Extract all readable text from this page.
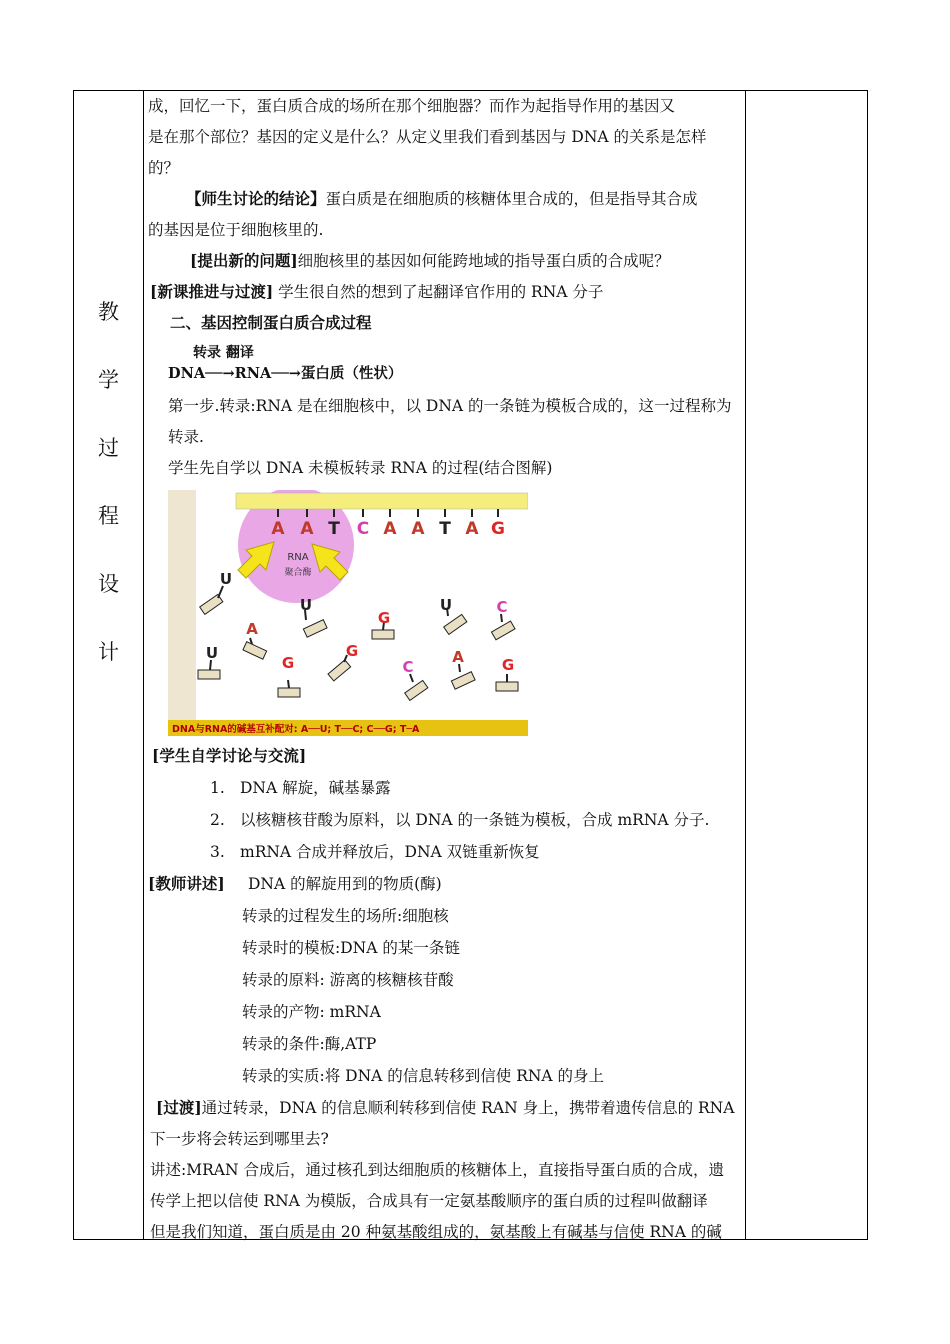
教
学
过
程
设
计
成，回忆一下，蛋白质合成的场所在那个细胞器？而作为起指导作用的基因又
是在那个部位？基因的定义是什么？从定义里我们看到基因与 DNA 的关系是怎样
的？
【师生讨论的结论】蛋白质是在细胞质的核糖体里合成的，但是指导其合成
的基因是位于细胞核里的.
[提出新的问题]细胞核里的基因如何能跨地域的指导蛋白质的合成呢？
[新课推进与过渡] 学生很自然的想到了起翻译官作用的 RNA 分子
二、基因控制蛋白质合成过程
转录 翻译
DNA──→RNA──→蛋白质（性状）
第一步.转录:RNA 是在细胞核中，以 DNA 的一条链为模板合成的，这一过程称为
转录.
学生先自学以 DNA 未模板转录 RNA 的过程(结合图解)
RNA
聚合酶
A A T C A A T A G
U
A
U
G
U
G
G
C
U
A
C
G
DNA与RNA的碱基互补配对: A──U; T──C; C──G; T─A
[学生自学讨论与交流]
1. DNA 解旋，碱基暴露
2. 以核糖核苷酸为原料，以 DNA 的一条链为模板，合成 mRNA 分子.
3. mRNA 合成并释放后，DNA 双链重新恢复
[教师讲述] DNA 的解旋用到的物质(酶)
转录的过程发生的场所:细胞核
转录时的模板:DNA 的某一条链
转录的原料: 游离的核糖核苷酸
转录的产物: mRNA
转录的条件:酶,ATP
转录的实质:将 DNA 的信息转移到信使 RNA 的身上
[过渡]通过转录，DNA 的信息顺利转移到信使 RAN 身上，携带着遗传信息的 RNA
下一步将会转运到哪里去?
讲述:MRAN 合成后，通过核孔到达细胞质的核糖体上，直接指导蛋白质的合成，遗
传学上把以信使 RNA 为模版，合成具有一定氨基酸顺序的蛋白质的过程叫做翻译
但是我们知道，蛋白质是由 20 种氨基酸组成的，氨基酸上有碱基与信使 RNA 的碱
